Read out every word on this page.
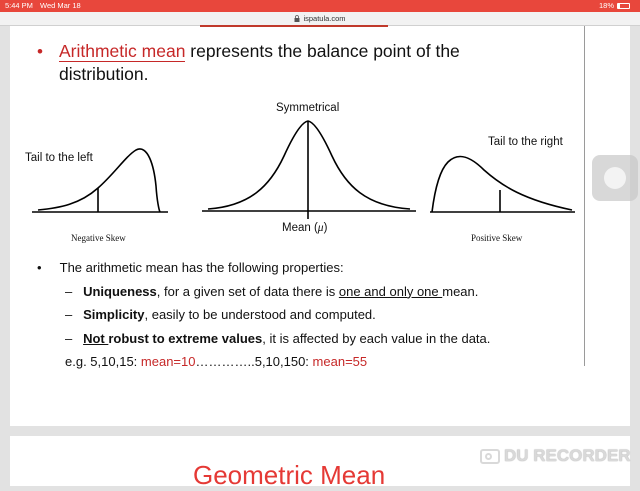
5:44 PM Wed Mar 18	18%
ispatula.com
• Arithmetic mean represents the balance point of the distribution.
Symmetrical
Tail to the left
Tail to the right
Mean (μ)
Negative Skew	Positive Skew
•     The arithmetic mean has the following properties:
–   Uniqueness, for a given set of data there is one and only one mean.
–   Simplicity, easily to be understood and computed.
–   Not robust to extreme values, it is affected by each value in the data.
e.g. 5,10,15: mean=10…………..5,10,150: mean=55
Geometric Mean
DU RECORDER
